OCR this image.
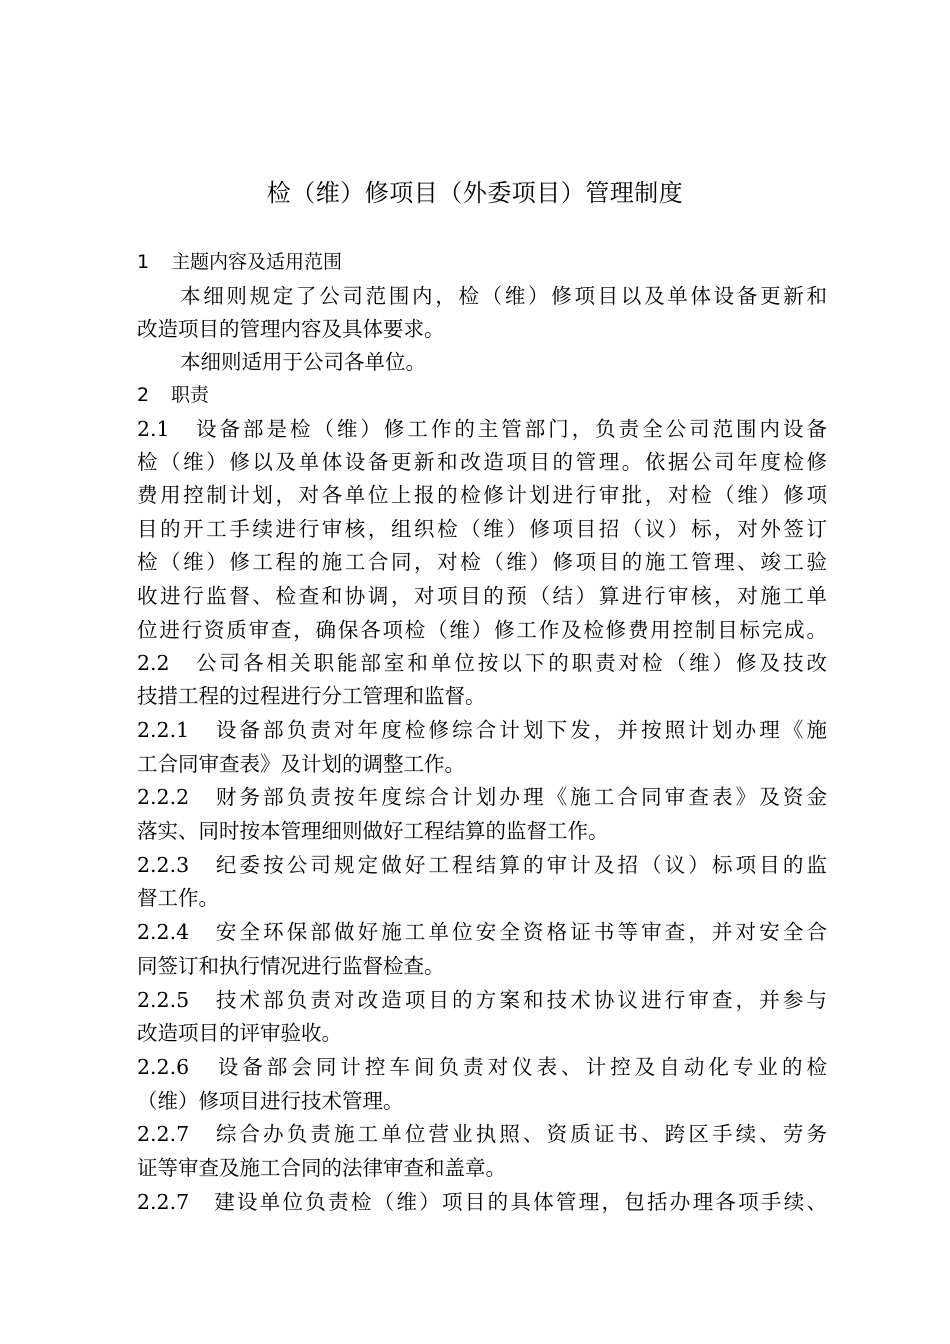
检（维）修项目（外委项目）管理制度
1 主题内容及适用范围
本细则规定了公司范围内，检（维）修项目以及单体设备更新和
改造项目的管理内容及具体要求。
本细则适用于公司各单位。
2 职责
2.1　设备部是检（维）修工作的主管部门，负责全公司范围内设备
检（维）修以及单体设备更新和改造项目的管理。依据公司年度检修
费用控制计划，对各单位上报的检修计划进行审批，对检（维）修项
目的开工手续进行审核，组织检（维）修项目招（议）标，对外签订
检（维）修工程的施工合同，对检（维）修项目的施工管理、竣工验
收进行监督、检查和协调，对项目的预（结）算进行审核，对施工单
位进行资质审查，确保各项检（维）修工作及检修费用控制目标完成。
2.2　公司各相关职能部室和单位按以下的职责对检（维）修及技改
技措工程的过程进行分工管理和监督。
2.2.1　设备部负责对年度检修综合计划下发，并按照计划办理《施
工合同审查表》及计划的调整工作。
2.2.2　财务部负责按年度综合计划办理《施工合同审查表》及资金
落实、同时按本管理细则做好工程结算的监督工作。
2.2.3　纪委按公司规定做好工程结算的审计及招（议）标项目的监
督工作。
2.2.4　安全环保部做好施工单位安全资格证书等审查，并对安全合
同签订和执行情况进行监督检查。
2.2.5　技术部负责对改造项目的方案和技术协议进行审查，并参与
改造项目的评审验收。
2.2.6　设备部会同计控车间负责对仪表、计控及自动化专业的检
（维）修项目进行技术管理。
2.2.7　综合办负责施工单位营业执照、资质证书、跨区手续、劳务
证等审查及施工合同的法律审查和盖章。
2.2.7　建设单位负责检（维）项目的具体管理，包括办理各项手续、
